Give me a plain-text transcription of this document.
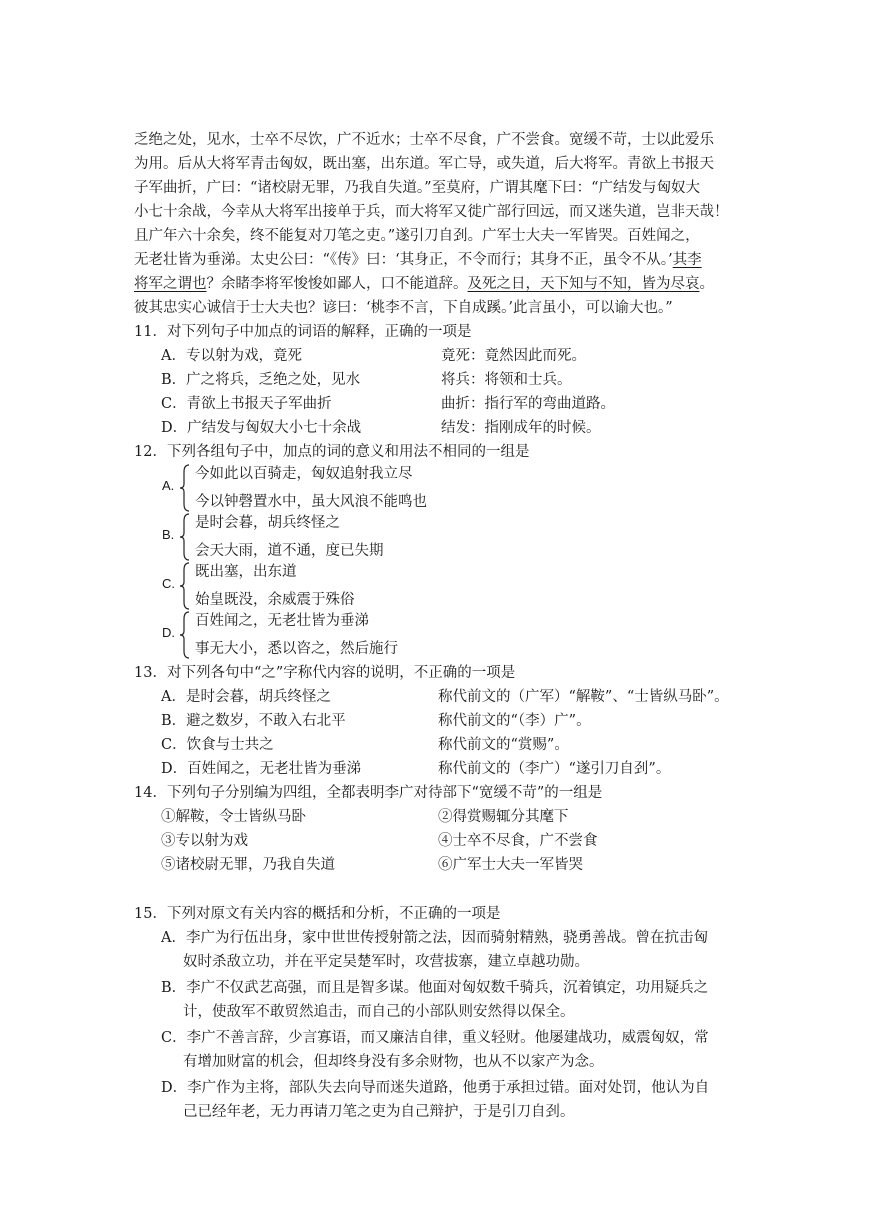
乏绝之处，见水，士卒不尽饮，广不近水；士卒不尽食，广不尝食。宽缓不苛，士以此爱乐
为用。后从大将军青击匈奴，既出塞，出东道。军亡导，或失道，后大将军。青欲上书报天
子军曲折，广曰：“诸校尉无罪，乃我自失道。”至莫府，广谓其麾下曰：“广结发与匈奴大
小七十余战，今幸从大将军出接单于兵，而大将军又徙广部行回远，而又迷失道，岂非天哉！
且广年六十余矣，终不能复对刀笔之吏。”遂引刀自刭。广军士大夫一军皆哭。百姓闻之，
无老壮皆为垂涕。太史公曰：“《传》曰：‘其身正，不令而行；其身不正，虽令不从。’其李
将军之谓也？余睹李将军悛悛如鄙人，口不能道辞。及死之日，天下知与不知，皆为尽哀。
彼其忠实心诚信于士大夫也？谚曰：‘桃李不言，下自成蹊。’此言虽小，可以谕大也。”
11．对下列句子中加点的词语的解释，正确的一项是
A．专以射为戏，竟死	竟死：竟然因此而死。
B．广之将兵，乏绝之处，见水	将兵：将领和士兵。
C．青欲上书报天子军曲折	曲折：指行军的弯曲道路。
D．广结发与匈奴大小七十余战	结发：指刚成年的时候。
12．下列各组句子中，加点的词的意义和用法不相同的一组是
A.
今如此以百骑走，匈奴追射我立尽
今以钟磬置水中，虽大风浪不能鸣也
B.
是时会暮，胡兵终怪之
会天大雨，道不通，度已失期
C.
既出塞，出东道
始皇既没，余威震于殊俗
D.
百姓闻之，无老壮皆为垂涕
事无大小，悉以咨之，然后施行
13．对下列各句中“之”字称代内容的说明，不正确的一项是
A．是时会暮，胡兵终怪之	称代前文的（广军）“解鞍”、“士皆纵马卧”。
B．避之数岁，不敢入右北平	称代前文的“（李）广”。
C．饮食与士共之	称代前文的“赏赐”。
D．百姓闻之，无老壮皆为垂涕	称代前文的（李广）“遂引刀自刭”。
14．下列句子分别编为四组，全都表明李广对待部下“宽缓不苛”的一组是
①解鞍，令士皆纵马卧	②得赏赐辄分其麾下
③专以射为戏	④士卒不尽食，广不尝食
⑤诸校尉无罪，乃我自失道	⑥广军士大夫一军皆哭
15．下列对原文有关内容的概括和分析，不正确的一项是
A．李广为行伍出身，家中世世传授射箭之法，因而骑射精熟，骁勇善战。曾在抗击匈
奴时杀敌立功，并在平定吴楚军时，攻营拔寨，建立卓越功勋。
B．李广不仅武艺高强，而且是智多谋。他面对匈奴数千骑兵，沉着镇定，功用疑兵之
计，使敌军不敢贸然追击，而自己的小部队则安然得以保全。
C．李广不善言辞，少言寡语，而又廉洁自律，重义轻财。他屡建战功，威震匈奴，常
有增加财富的机会，但却终身没有多余财物，也从不以家产为念。
D．李广作为主将，部队失去向导而迷失道路，他勇于承担过错。面对处罚，他认为自
己已经年老，无力再请刀笔之吏为自己辩护，于是引刀自刭。
